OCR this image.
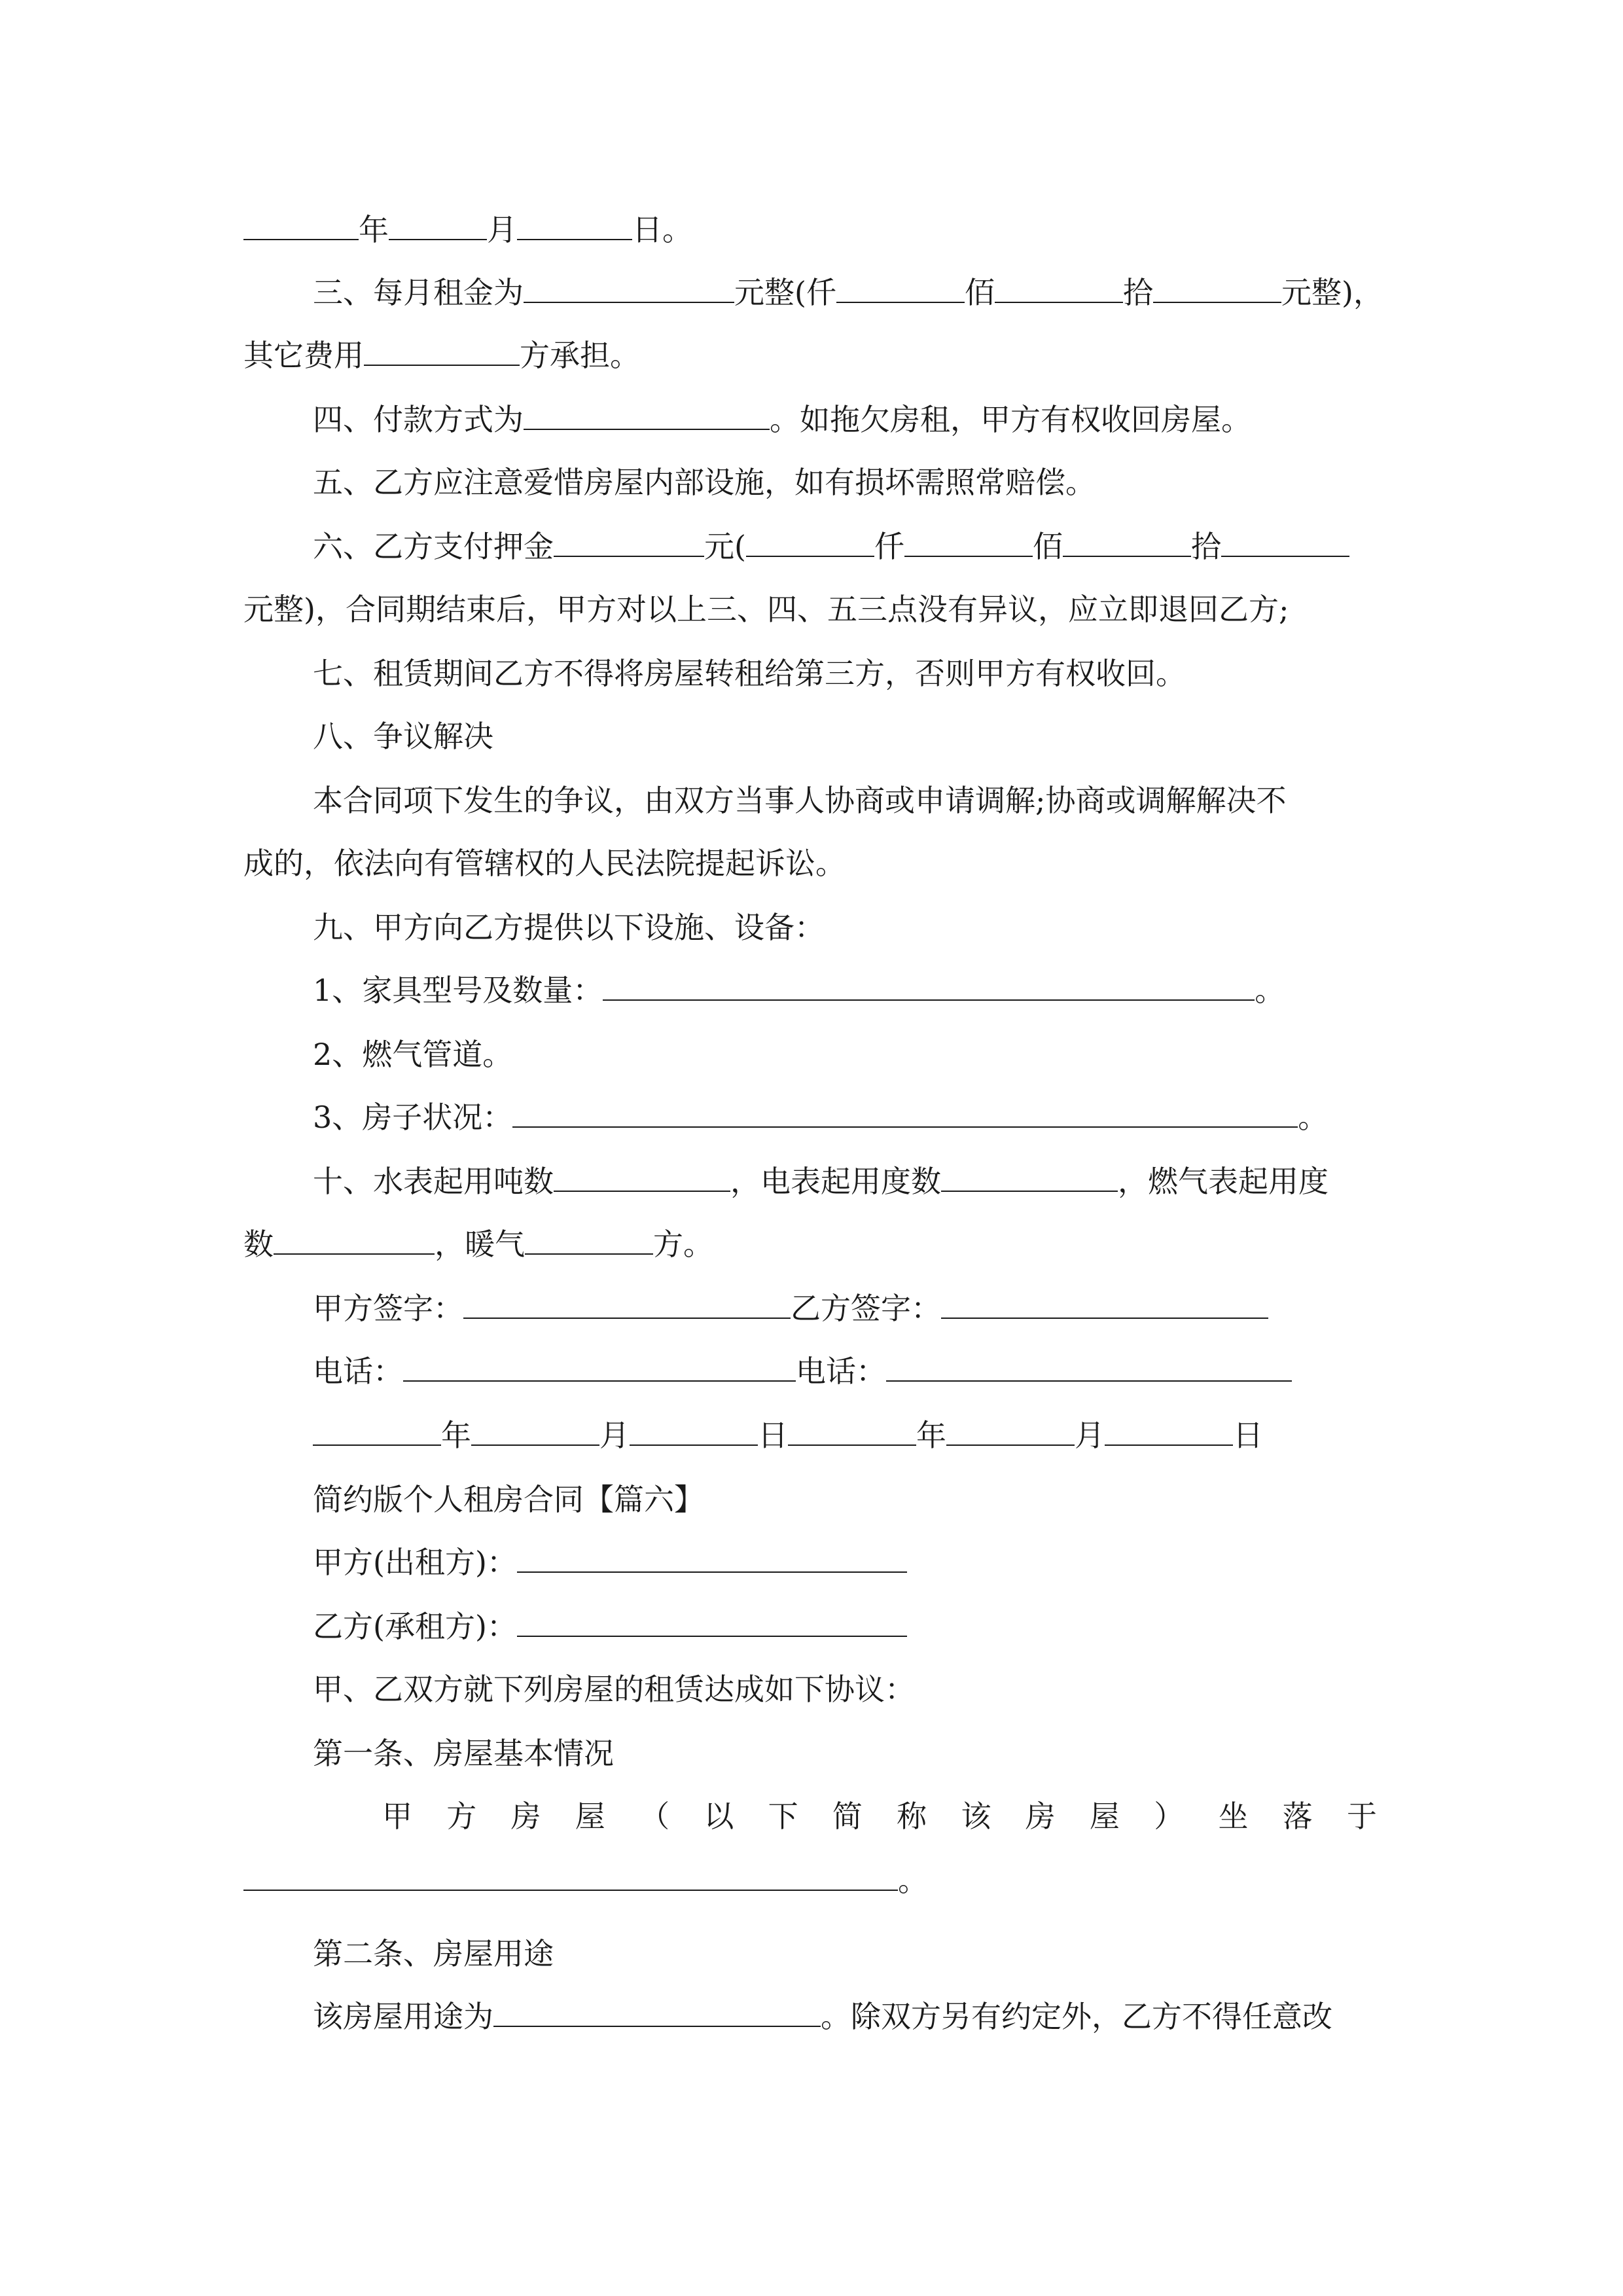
年	月	日。
三、每月租金为	元整(仟	佰	拾	元整)，
其它费用	方承担。
四、付款方式为	。如拖欠房租，甲方有权收回房屋。
五、乙方应注意爱惜房屋内部设施，如有损坏需照常赔偿。
六、乙方支付押金	元(	仟	佰	拾
元整)，合同期结束后，甲方对以上三、四、五三点没有异议，应立即退回乙方;
七、租赁期间乙方不得将房屋转租给第三方，否则甲方有权收回。
八、争议解决
本合同项下发生的争议，由双方当事人协商或申请调解;协商或调解解决不
成的，依法向有管辖权的人民法院提起诉讼。
九、甲方向乙方提供以下设施、设备：
1、家具型号及数量：	。
2、燃气管道。
3、房子状况：	。
十、水表起用吨数	，电表起用度数	，燃气表起用度
数	，暖气	方。
甲方签字：	乙方签字：
电话：	电话：
年	月	日	年	月	日
简约版个人租房合同【篇六】
甲方(出租方)：
乙方(承租方)：
甲、乙双方就下列房屋的租赁达成如下协议：
第一条、房屋基本情况
甲 方 房 屋 （ 以 下 简 称 该 房 屋 ） 坐 落 于
。
第二条、房屋用途
该房屋用途为	。除双方另有约定外，乙方不得任意改
